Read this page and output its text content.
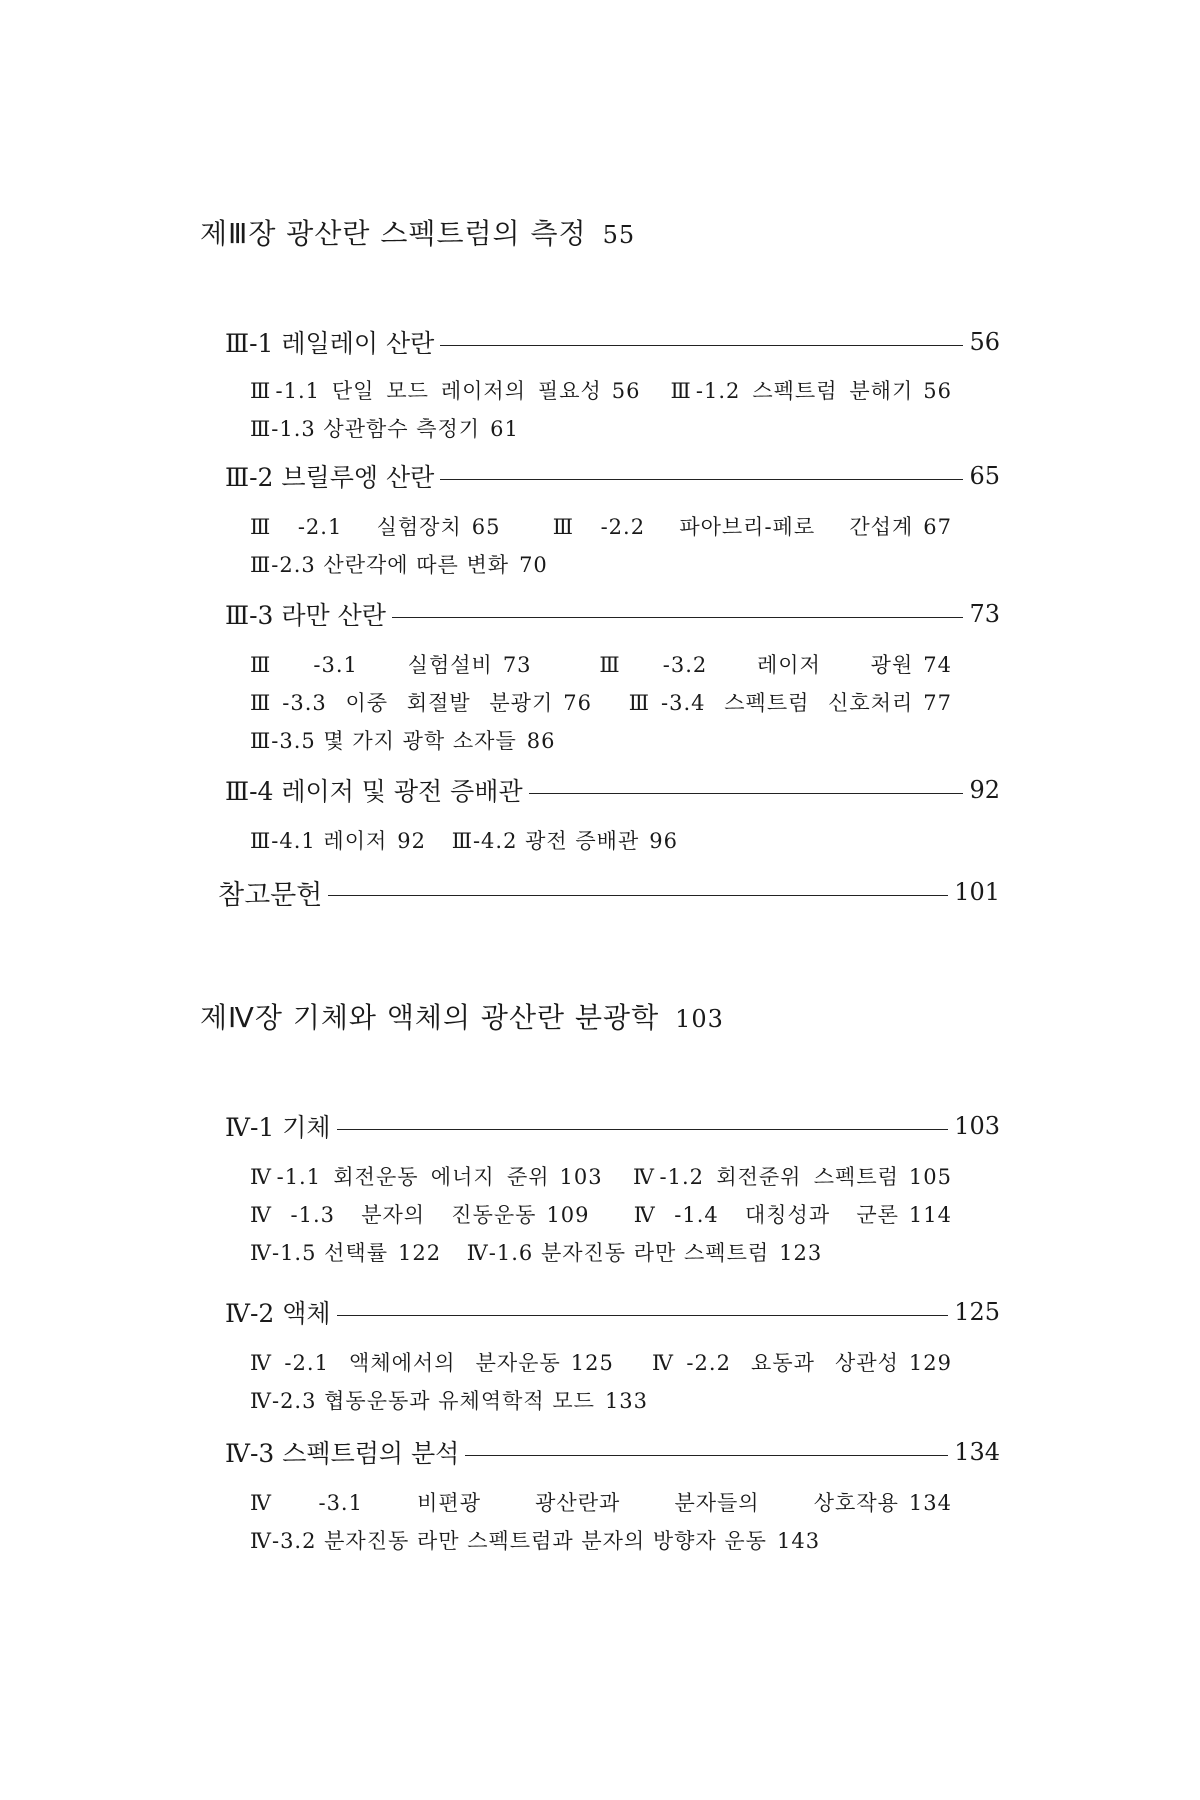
제Ⅲ장 광산란 스펙트럼의 측정 55
Ⅲ-1 레일레이 산란	56
Ⅲ-1.1 단일 모드 레이저의 필요성 56 Ⅲ-1.2 스펙트럼 분해기 56 Ⅲ-1.3 상관함수 측정기 61
Ⅲ-2 브릴루엥 산란	65
Ⅲ-2.1 실험장치 65 Ⅲ-2.2 파아브리-페로 간섭계 67 Ⅲ-2.3 산란각에 따른 변화 70
Ⅲ-3 라만 산란	73
Ⅲ-3.1 실험설비 73	Ⅲ-3.2 레이저 광원 74 Ⅲ-3.3 이중 회절발 분광기 76 Ⅲ-3.4 스펙트럼 신호처리 77 Ⅲ-3.5 몇 가지 광학 소자들 86
Ⅲ-4 레이저 및 광전 증배관	92
Ⅲ-4.1 레이저 92 Ⅲ-4.2 광전 증배관 96
참고문헌	101
제Ⅳ장 기체와 액체의 광산란 분광학 103
Ⅳ-1 기체	103
Ⅳ-1.1 회전운동 에너지 준위 103 Ⅳ-1.2 회전준위 스펙트럼 105 Ⅳ-1.3 분자의 진동운동 109 Ⅳ-1.4 대칭성과 군론 114 Ⅳ-1.5 선택률 122 Ⅳ-1.6 분자진동 라만 스펙트럼 123
Ⅳ-2 액체	125
Ⅳ-2.1 액체에서의 분자운동 125 Ⅳ-2.2 요동과 상관성 129 Ⅳ-2.3 협동운동과 유체역학적 모드 133
Ⅳ-3 스펙트럼의 분석	134
Ⅳ-3.1 비편광 광산란과 분자들의 상호작용 134 Ⅳ-3.2 분자진동 라만 스펙트럼과 분자의 방향자 운동 143
